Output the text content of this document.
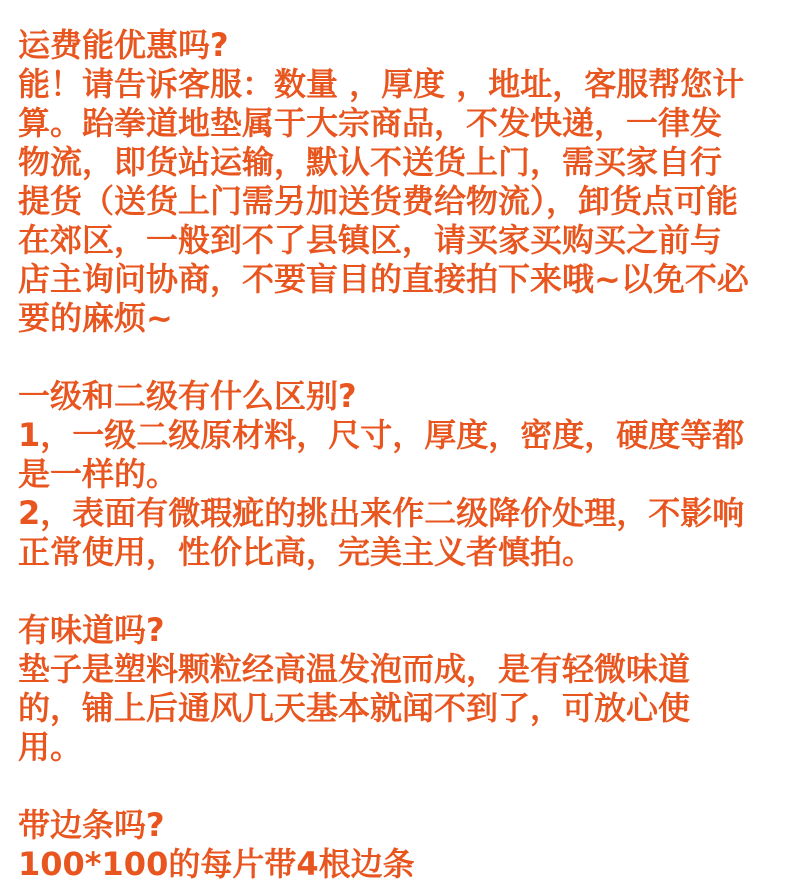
运费能优惠吗?
能！请告诉客服：数量 ，厚度 ，地址，客服帮您计算。跆拳道地垫属于大宗商品，不发快递，一律发物流，即货站运输，默认不送货上门，需买家自行提货（送货上门需另加送货费给物流），卸货点可能在郊区，一般到不了县镇区，请买家买购买之前与店主询问协商，不要盲目的直接拍下来哦~以免不必要的麻烦~
一级和二级有什么区别?
1，一级二级原材料，尺寸，厚度，密度，硬度等都是一样的。
2，表面有微瑕疵的挑出来作二级降价处理，不影响正常使用，性价比高，完美主义者慎拍。
有味道吗?
垫子是塑料颗粒经高温发泡而成，是有轻微味道的，铺上后通风几天基本就闻不到了，可放心使用。
带边条吗?
100*100的每片带4根边条
